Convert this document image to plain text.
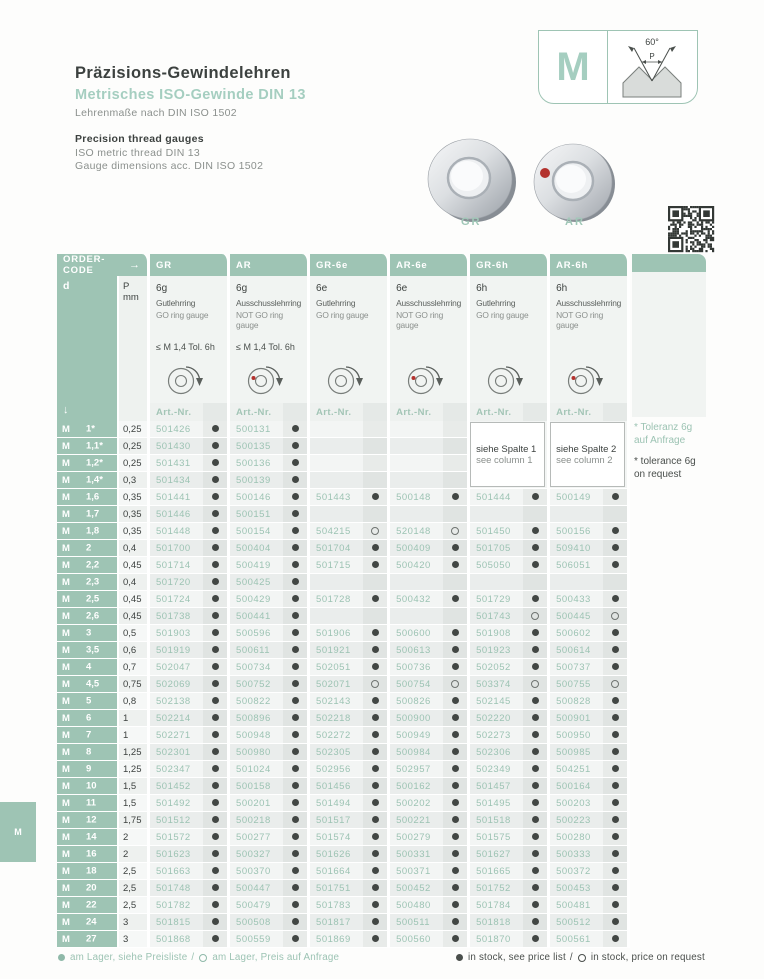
M
60°
P
Präzisions-Gewindelehren
Metrisches ISO-Gewinde DIN 13
Lehrenmaße nach DIN ISO 1502
Precision thread gauges
ISO metric thread DIN 13
Gauge dimensions acc. DIN ISO 1502
GR	AR
ORDER-CODE →		GR		AR		GR-6e		AR-6e		GR-6h		AR-6h	

d
↓

P
mm

6g
Gutlehrring
GO ring gauge
≤ M 1,4 Tol. 6h

6g
Ausschusslehrring
NOT GO ring gauge
≤ M 1,4 Tol. 6h

6e
Gutlehrring
GO ring gauge

6e
Ausschusslehrring
NOT GO ring gauge

6h
Gutlehrring
GO ring gauge

6h
Ausschusslehrring
NOT GO ring gauge

		Art.-Nr.		Art.-Nr.		Art.-Nr.		Art.-Nr.		Art.-Nr.		Art.-Nr.	
M 1*	0,25	501426		500131						
siehe Spalte 1
see column 1

siehe Spalte 2
see column 2

M 1,1*	0,25	501430		500135									
M 1,2*	0,25	501431		500136									
M 1,4*	0,3	501434		500139									
M 1,6	0,35	501441		500146		501443		500148		501444		500149	
M 1,7	0,35	501446		500151									
M 1,8	0,35	501448		500154		504215		520148		501450		500156	
M 2	0,4	501700		500404		501704		500409		501705		509410	
M 2,2	0,45	501714		500419		501715		500420		505050		506051	
M 2,3	0,4	501720		500425									
M 2,5	0,45	501724		500429		501728		500432		501729		500433	
M 2,6	0,45	501738		500441						501743		500445	
M 3	0,5	501903		500596		501906		500600		501908		500602	
M 3,5	0,6	501919		500611		501921		500613		501923		500614	
M 4	0,7	502047		500734		502051		500736		502052		500737	
M 4,5	0,75	502069		500752		502071		500754		503374		500755	
M 5	0,8	502138		500822		502143		500826		502145		500828	
M 6	1	502214		500896		502218		500900		502220		500901	
M 7	1	502271		500948		502272		500949		502273		500950	
M 8	1,25	502301		500980		502305		500984		502306		500985	
M 9	1,25	502347		501024		502956		502957		502349		504251	
M 10	1,5	501452		500158		501456		500162		501457		500164	
M 11	1,5	501492		500201		501494		500202		501495		500203	
M 12	1,75	501512		500218		501517		500221		501518		500223	
M 14	2	501572		500277		501574		500279		501575		500280	
M 16	2	501623		500327		501626		500331		501627		500333	
M 18	2,5	501663		500370		501664		500371		501665		500372	
M 20	2,5	501748		500447		501751		500452		501752		500453	
M 22	2,5	501782		500479		501783		500480		501784		500481	
M 24	3	501815		500508		501817		500511		501818		500512	
M 27	3	501868		500559		501869		500560		501870		500561	
* Toleranz 6g
auf Anfrage
* tolerance 6g
on request
am Lager, siehe Preisliste / am Lager, Preis auf Anfrage	in stock, see price list / in stock, price on request
M
